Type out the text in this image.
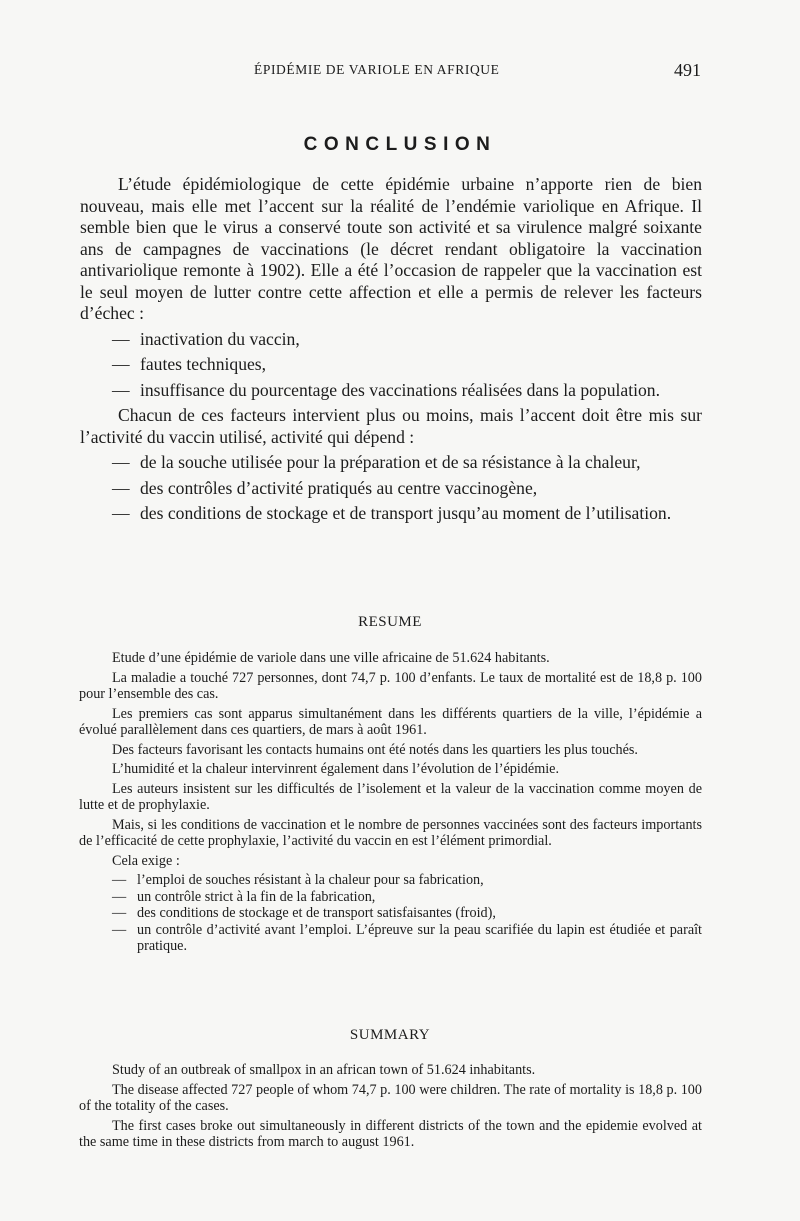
ÉPIDÉMIE DE VARIOLE EN AFRIQUE	491
CONCLUSION

L’étude épidémiologique de cette épidémie urbaine n’apporte rien de bien nouveau, mais elle met l’accent sur la réalité de l’endémie variolique en Afrique. Il semble bien que le virus a conservé toute son activité et sa virulence malgré soixante ans de campagnes de vaccinations (le décret rendant obligatoire la vaccination antivariolique remonte à 1902). Elle a été l’occasion de rappeler que la vaccination est le seul moyen de lutter contre cette affection et elle a permis de relever les facteurs d’échec :

— inactivation du vaccin,
— fautes techniques,
— insuffisance du pourcentage des vaccinations réalisées dans la population.

Chacun de ces facteurs intervient plus ou moins, mais l’accent doit être mis sur l’activité du vaccin utilisé, activité qui dépend :

— de la souche utilisée pour la préparation et de sa résistance à la chaleur,
— des contrôles d’activité pratiqués au centre vaccinogène,
— des conditions de stockage et de transport jusqu’au moment de l’utilisation.
RESUME

Etude d’une épidémie de variole dans une ville africaine de 51.624 habitants.

La maladie a touché 727 personnes, dont 74,7 p. 100 d’enfants. Le taux de mortalité est de 18,8 p. 100 pour l’ensemble des cas.

Les premiers cas sont apparus simultanément dans les différents quartiers de la ville, l’épidémie a évolué parallèlement dans ces quartiers, de mars à août 1961.

Des facteurs favorisant les contacts humains ont été notés dans les quartiers les plus touchés.

L’humidité et la chaleur intervinrent également dans l’évolution de l’épidémie.

Les auteurs insistent sur les difficultés de l’isolement et la valeur de la vaccination comme moyen de lutte et de prophylaxie.

Mais, si les conditions de vaccination et le nombre de personnes vaccinées sont des facteurs importants de l’efficacité de cette prophylaxie, l’activité du vaccin en est l’élément primordial.

Cela exige :

— l’emploi de souches résistant à la chaleur pour sa fabrication,
— un contrôle strict à la fin de la fabrication,
— des conditions de stockage et de transport satisfaisantes (froid),
— un contrôle d’activité avant l’emploi. L’épreuve sur la peau scarifiée du lapin est étudiée et paraît pratique.
SUMMARY

Study of an outbreak of smallpox in an african town of 51.624 inhabitants.

The disease affected 727 people of whom 74,7 p. 100 were children. The rate of mortality is 18,8 p. 100 of the totality of the cases.

The first cases broke out simultaneously in different districts of the town and the epidemie evolved at the same time in these districts from march to august 1961.
